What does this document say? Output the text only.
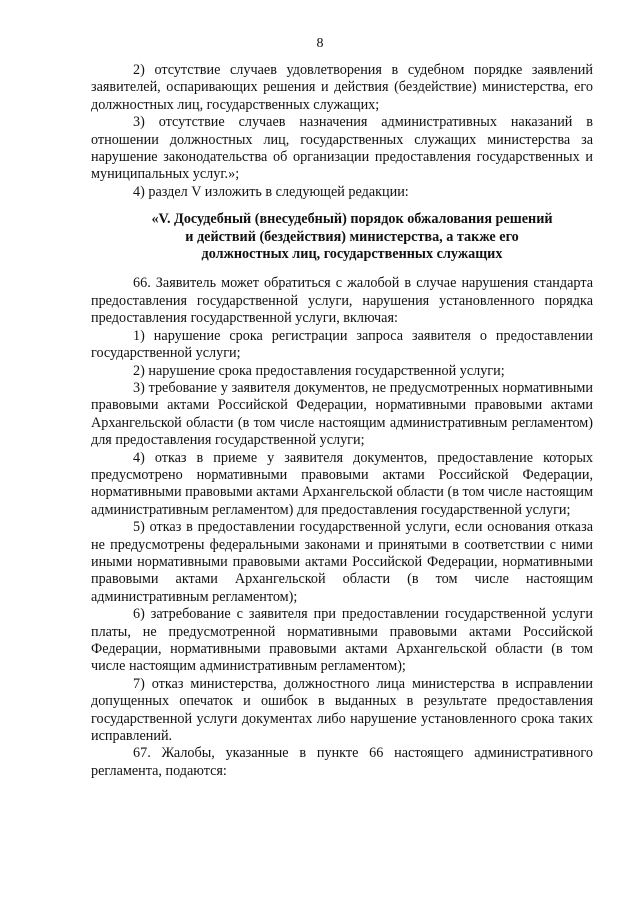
8

2) отсутствие случаев удовлетворения в судебном порядке заявлений заявителей, оспаривающих решения и действия (бездействие) министерства, его должностных лиц, государственных служащих;

3) отсутствие случаев назначения административных наказаний в отношении должностных лиц, государственных служащих министерства за нарушение законодательства об организации предоставления государственных и муниципальных услуг.»;

4) раздел V изложить в следующей редакции:

«V. Досудебный (внесудебный) порядок обжалования решений
и действий (бездействия) министерства, а также его
должностных лиц, государственных служащих

66. Заявитель может обратиться с жалобой в случае нарушения стандарта предоставления государственной услуги, нарушения установленного порядка предоставления государственной услуги, включая:

1) нарушение срока регистрации запроса заявителя о предоставлении государственной услуги;

2) нарушение срока предоставления государственной услуги;

3) требование у заявителя документов, не предусмотренных нормативными правовыми актами Российской Федерации, нормативными правовыми актами Архангельской области (в том числе настоящим административным регламентом) для предоставления государственной услуги;

4) отказ в приеме у заявителя документов, предоставление которых предусмотрено нормативными правовыми актами Российской Федерации, нормативными правовыми актами Архангельской области (в том числе настоящим административным регламентом) для предоставления государственной услуги;

5) отказ в предоставлении государственной услуги, если основания отказа не предусмотрены федеральными законами и принятыми в соответствии с ними иными нормативными правовыми актами Российской Федерации, нормативными правовыми актами Архангельской области (в том числе настоящим административным регламентом);

6) затребование с заявителя при предоставлении государственной услуги платы, не предусмотренной нормативными правовыми актами Российской Федерации, нормативными правовыми актами Архангельской области (в том числе настоящим административным регламентом);

7) отказ министерства, должностного лица министерства в исправлении допущенных опечаток и ошибок в выданных в результате предоставления государственной услуги документах либо нарушение установленного срока таких исправлений.

67. Жалобы, указанные в пункте 66 настоящего административного регламента, подаются:
